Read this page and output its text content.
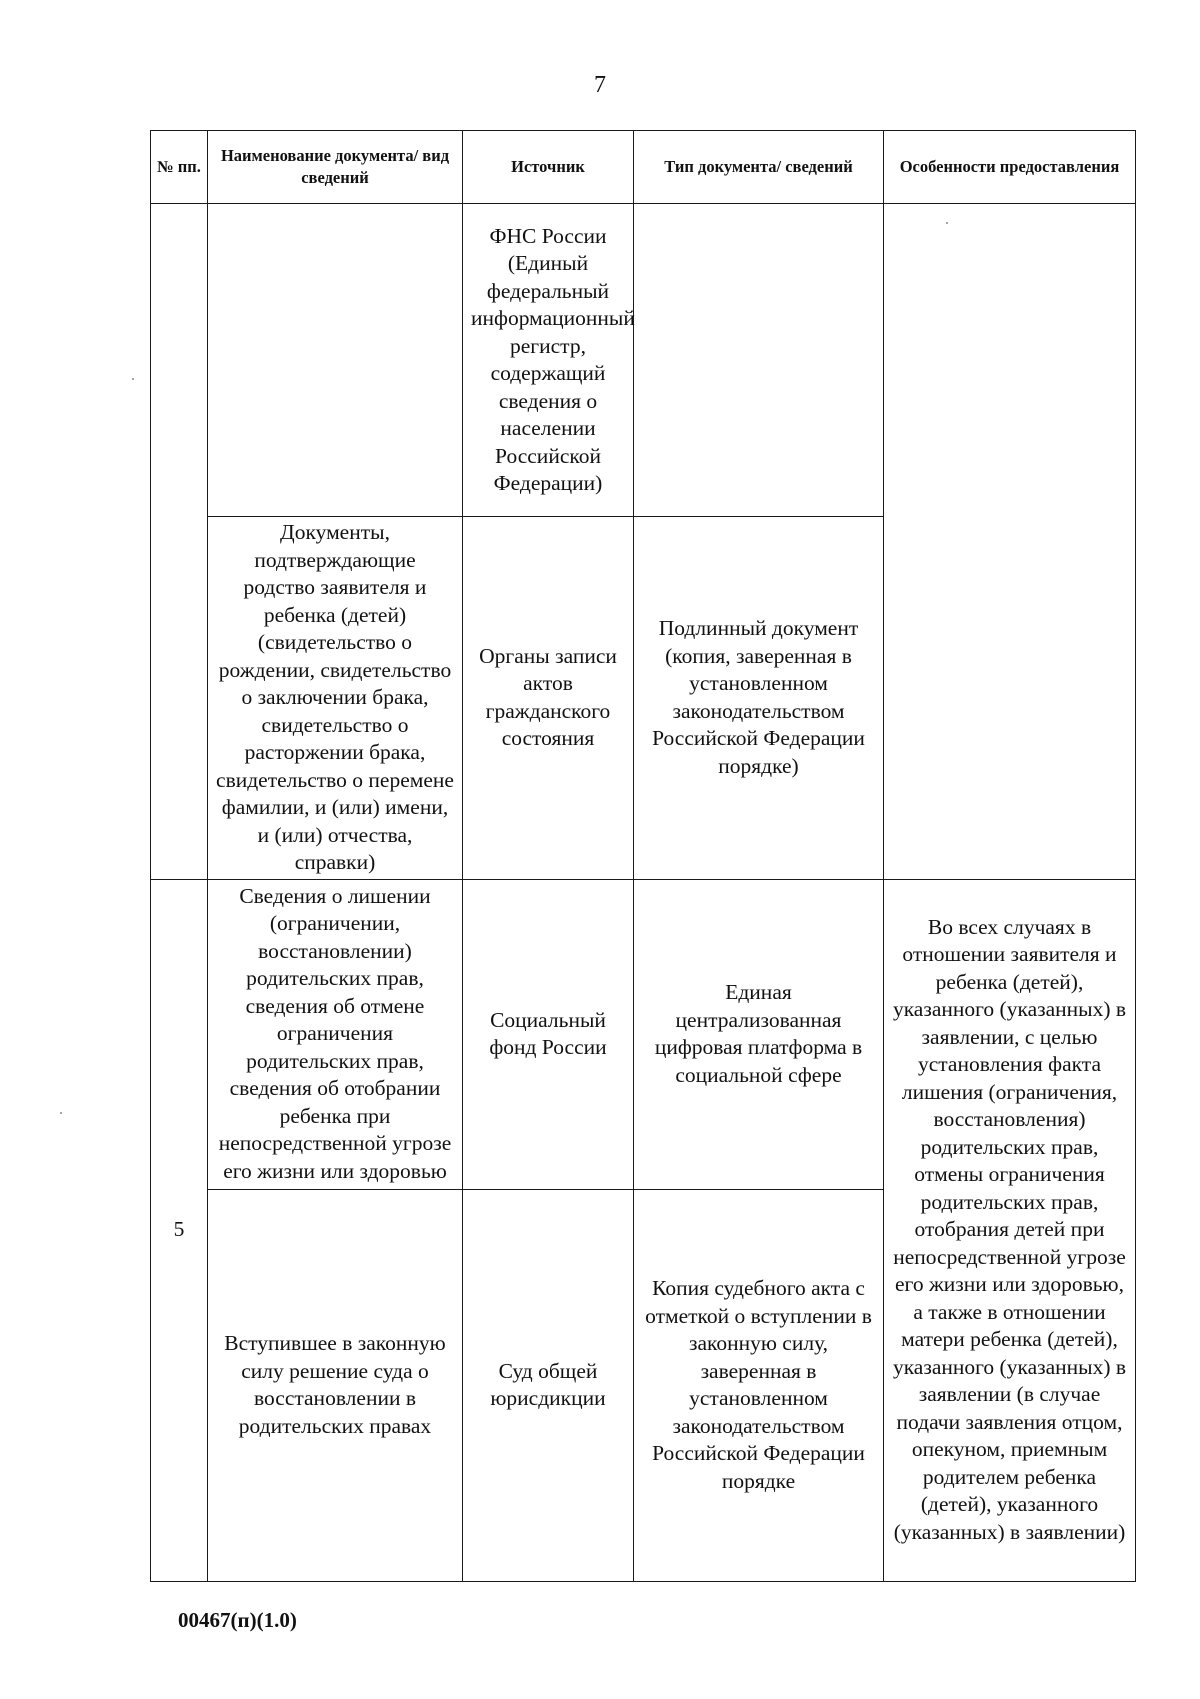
7
№ пп.	Наименование документа/ вид сведений	Источник	Тип документа/ сведений	Особенности предоставления
		ФНС России (Единый федеральный информационный регистр, содержащий сведения о населении Российской Федерации)		
	Документы, подтверждающие родство заявителя и ребенка (детей) (свидетельство о рождении, свидетельство о заключении брака, свидетельство о расторжении брака, свидетельство о перемене фамилии, и (или) имени, и (или) отчества, справки)	Органы записи актов гражданского состояния	Подлинный документ (копия, заверенная в установленном законодательством Российской Федерации порядке)	
5	Сведения о лишении (ограничении, восстановлении) родительских прав, сведения об отмене ограничения родительских прав, сведения об отобрании ребенка при непосредственной угрозе его жизни или здоровью	Социальный фонд России	Единая централизованная цифровая платформа в социальной сфере	Во всех случаях в отношении заявителя и ребенка (детей), указанного (указанных) в заявлении, с целью установления факта лишения (ограничения, восстановления) родительских прав, отмены ограничения родительских прав, отобрания детей при непосредственной угрозе его жизни или здоровью, а также в отношении матери ребенка (детей), указанного (указанных) в заявлении (в случае подачи заявления отцом, опекуном, приемным родителем ребенка (детей), указанного (указанных) в заявлении)
	Вступившее в законную силу решение суда о восстановлении в родительских правах	Суд общей юрисдикции	Копия судебного акта с отметкой о вступлении в законную силу, заверенная в установленном законодательством Российской Федерации порядке	
00467(п)(1.0)
